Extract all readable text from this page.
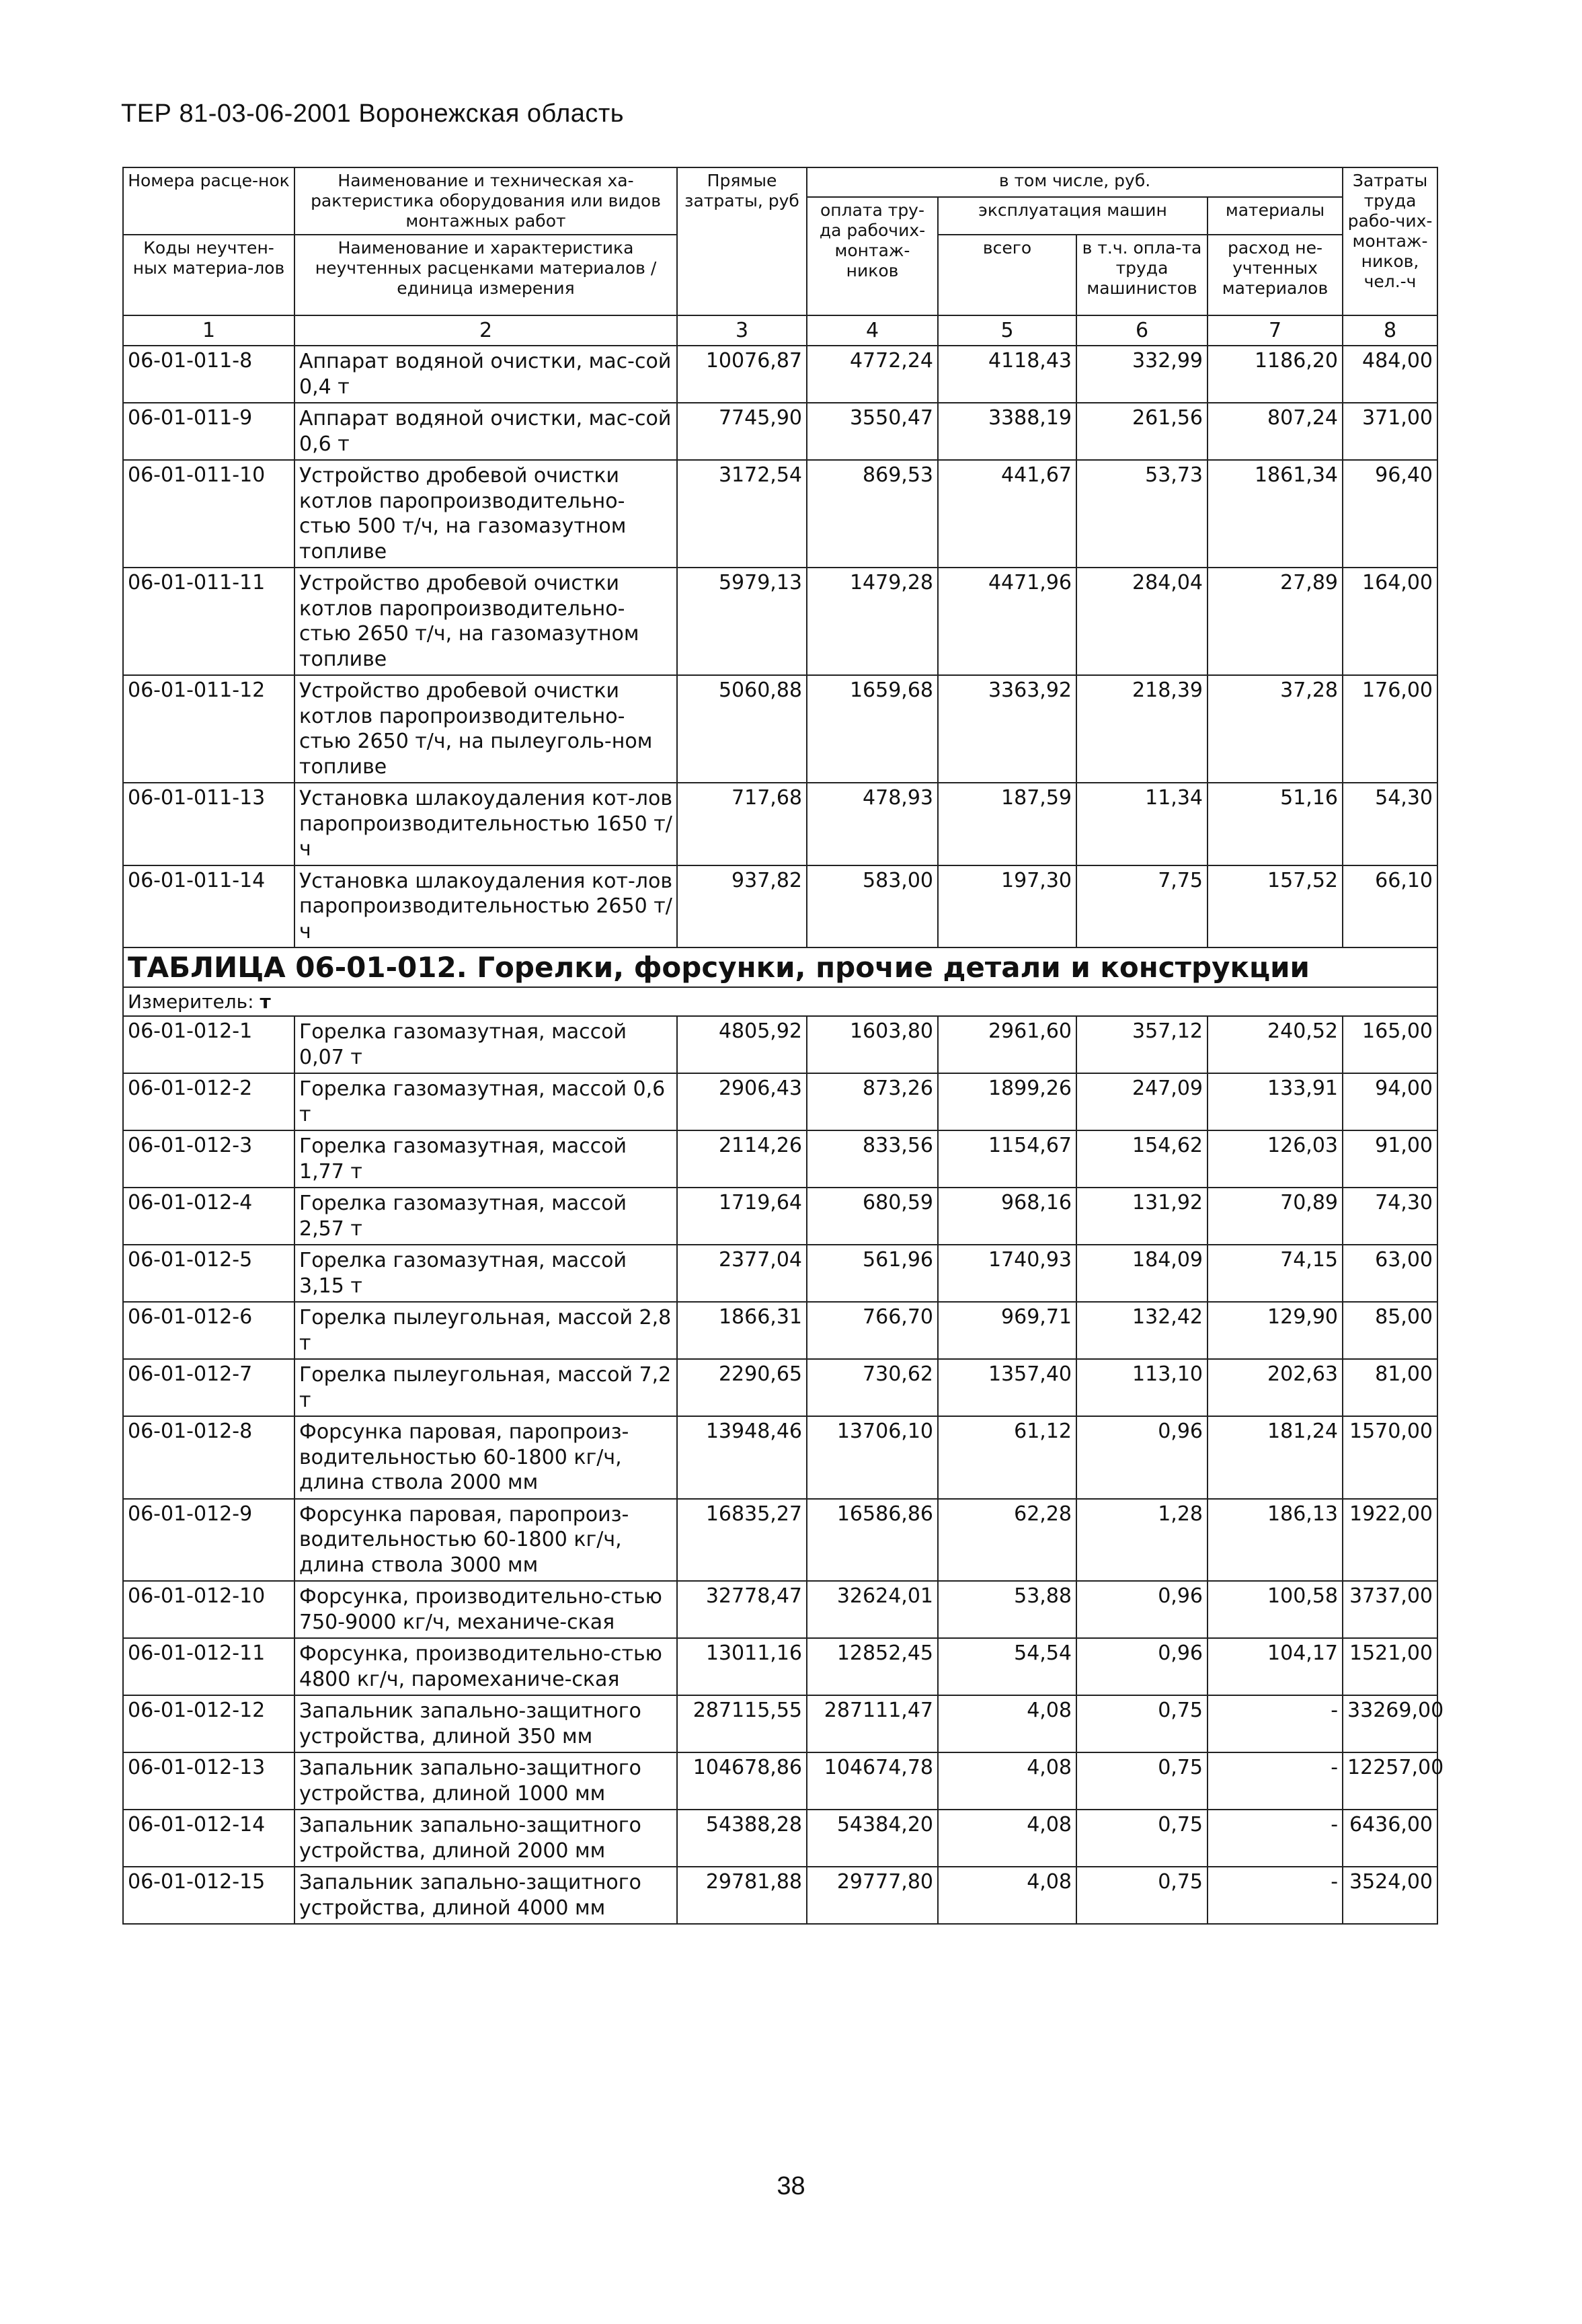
ТЕР 81-03-06-2001 Воронежская область
Номера расце-нок	Наименование и техническая ха-рактеристика оборудования или видов монтажных работ	Прямые затраты, руб	в том числе, руб.				Затраты труда рабо-чих-монтаж-ников, чел.-ч
			оплата тру-да рабочих-монтаж-ников	эксплуатация машин		материалы	
Коды неучтен-ных материа-лов	Наименование и характеристика неучтенных расценками материалов / единица измерения			всего	в т.ч. опла-та труда машинистов	расход не-учтенных материалов	

1	2	3	4	5	6	7	8
06-01-011-8	Аппарат водяной очистки, мас-сой 0,4 т	10076,87	4772,24	4118,43	332,99	1186,20	484,00
06-01-011-9	Аппарат водяной очистки, мас-сой 0,6 т	7745,90	3550,47	3388,19	261,56	807,24	371,00
06-01-011-10	Устройство дробевой очистки котлов паропроизводительно-стью 500 т/ч, на газомазутном топливе	3172,54	869,53	441,67	53,73	1861,34	96,40
06-01-011-11	Устройство дробевой очистки котлов паропроизводительно-стью 2650 т/ч, на газомазутном топливе	5979,13	1479,28	4471,96	284,04	27,89	164,00
06-01-011-12	Устройство дробевой очистки котлов паропроизводительно-стью 2650 т/ч, на пылеуголь-ном топливе	5060,88	1659,68	3363,92	218,39	37,28	176,00
06-01-011-13	Установка шлакоудаления кот-лов паропроизводительностью 1650 т/ч	717,68	478,93	187,59	11,34	51,16	54,30
06-01-011-14	Установка шлакоудаления кот-лов паропроизводительностью 2650 т/ч	937,82	583,00	197,30	7,75	157,52	66,10
ТАБЛИЦА 06-01-012. Горелки, форсунки, прочие детали и конструкции							
Измеритель: т							
06-01-012-1	Горелка газомазутная, массой 0,07 т	4805,92	1603,80	2961,60	357,12	240,52	165,00
06-01-012-2	Горелка газомазутная, массой 0,6 т	2906,43	873,26	1899,26	247,09	133,91	94,00
06-01-012-3	Горелка газомазутная, массой 1,77 т	2114,26	833,56	1154,67	154,62	126,03	91,00
06-01-012-4	Горелка газомазутная, массой 2,57 т	1719,64	680,59	968,16	131,92	70,89	74,30
06-01-012-5	Горелка газомазутная, массой 3,15 т	2377,04	561,96	1740,93	184,09	74,15	63,00
06-01-012-6	Горелка пылеугольная, массой 2,8 т	1866,31	766,70	969,71	132,42	129,90	85,00
06-01-012-7	Горелка пылеугольная, массой 7,2 т	2290,65	730,62	1357,40	113,10	202,63	81,00
06-01-012-8	Форсунка паровая, паропроиз-водительностью 60-1800 кг/ч, длина ствола 2000 мм	13948,46	13706,10	61,12	0,96	181,24	1570,00
06-01-012-9	Форсунка паровая, паропроиз-водительностью 60-1800 кг/ч, длина ствола 3000 мм	16835,27	16586,86	62,28	1,28	186,13	1922,00
06-01-012-10	Форсунка, производительно-стью 750-9000 кг/ч, механиче-ская	32778,47	32624,01	53,88	0,96	100,58	3737,00
06-01-012-11	Форсунка, производительно-стью 4800 кг/ч, паромеханиче-ская	13011,16	12852,45	54,54	0,96	104,17	1521,00
06-01-012-12	Запальник запально-защитного устройства, длиной 350 мм	287115,55	287111,47	4,08	0,75	-	33269,00
06-01-012-13	Запальник запально-защитного устройства, длиной 1000 мм	104678,86	104674,78	4,08	0,75	-	12257,00
06-01-012-14	Запальник запально-защитного устройства, длиной 2000 мм	54388,28	54384,20	4,08	0,75	-	6436,00
06-01-012-15	Запальник запально-защитного устройства, длиной 4000 мм	29781,88	29777,80	4,08	0,75	-	3524,00
38
